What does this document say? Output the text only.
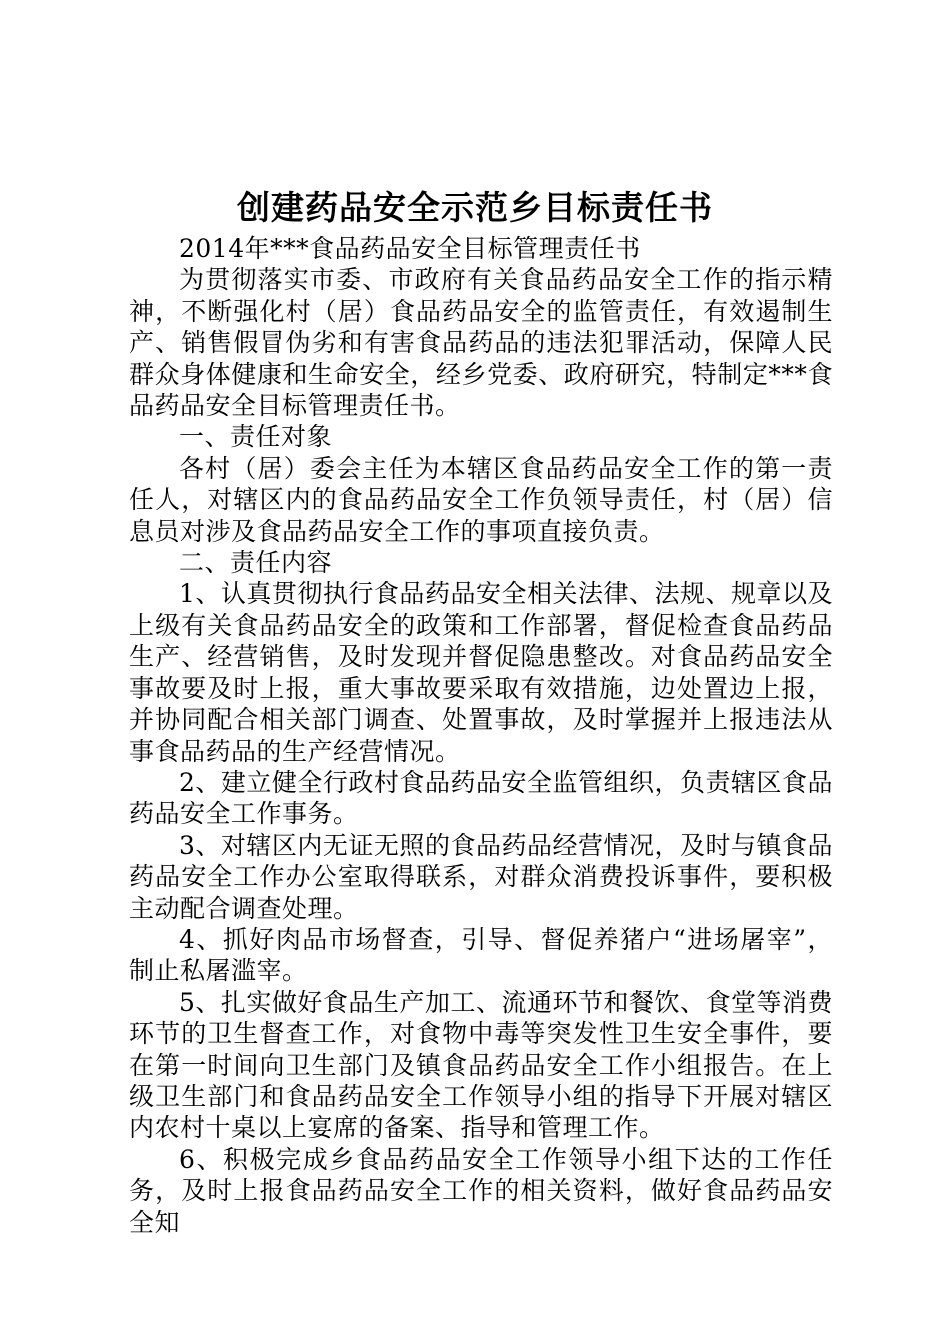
创建药品安全示范乡目标责任书

2014年***食品药品安全目标管理责任书

为贯彻落实市委、市政府有关食品药品安全工作的指示精神，不断强化村（居）食品药品安全的监管责任，有效遏制生产、销售假冒伪劣和有害食品药品的违法犯罪活动，保障人民群众身体健康和生命安全，经乡党委、政府研究，特制定***食品药品安全目标管理责任书。

一、责任对象

各村（居）委会主任为本辖区食品药品安全工作的第一责任人，对辖区内的食品药品安全工作负领导责任，村（居）信息员对涉及食品药品安全工作的事项直接负责。

二、责任内容

1、认真贯彻执行食品药品安全相关法律、法规、规章以及上级有关食品药品安全的政策和工作部署，督促检查食品药品生产、经营销售，及时发现并督促隐患整改。对食品药品安全事故要及时上报，重大事故要采取有效措施，边处置边上报，并协同配合相关部门调查、处置事故，及时掌握并上报违法从事食品药品的生产经营情况。

2、建立健全行政村食品药品安全监管组织，负责辖区食品药品安全工作事务。

3、对辖区内无证无照的食品药品经营情况，及时与镇食品药品安全工作办公室取得联系，对群众消费投诉事件，要积极主动配合调查处理。

4、抓好肉品市场督查，引导、督促养猪户“进场屠宰”，制止私屠滥宰。

5、扎实做好食品生产加工、流通环节和餐饮、食堂等消费环节的卫生督查工作，对食物中毒等突发性卫生安全事件，要在第一时间向卫生部门及镇食品药品安全工作小组报告。在上级卫生部门和食品药品安全工作领导小组的指导下开展对辖区内农村十桌以上宴席的备案、指导和管理工作。

6、积极完成乡食品药品安全工作领导小组下达的工作任务，及时上报食品药品安全工作的相关资料，做好食品药品安全知
